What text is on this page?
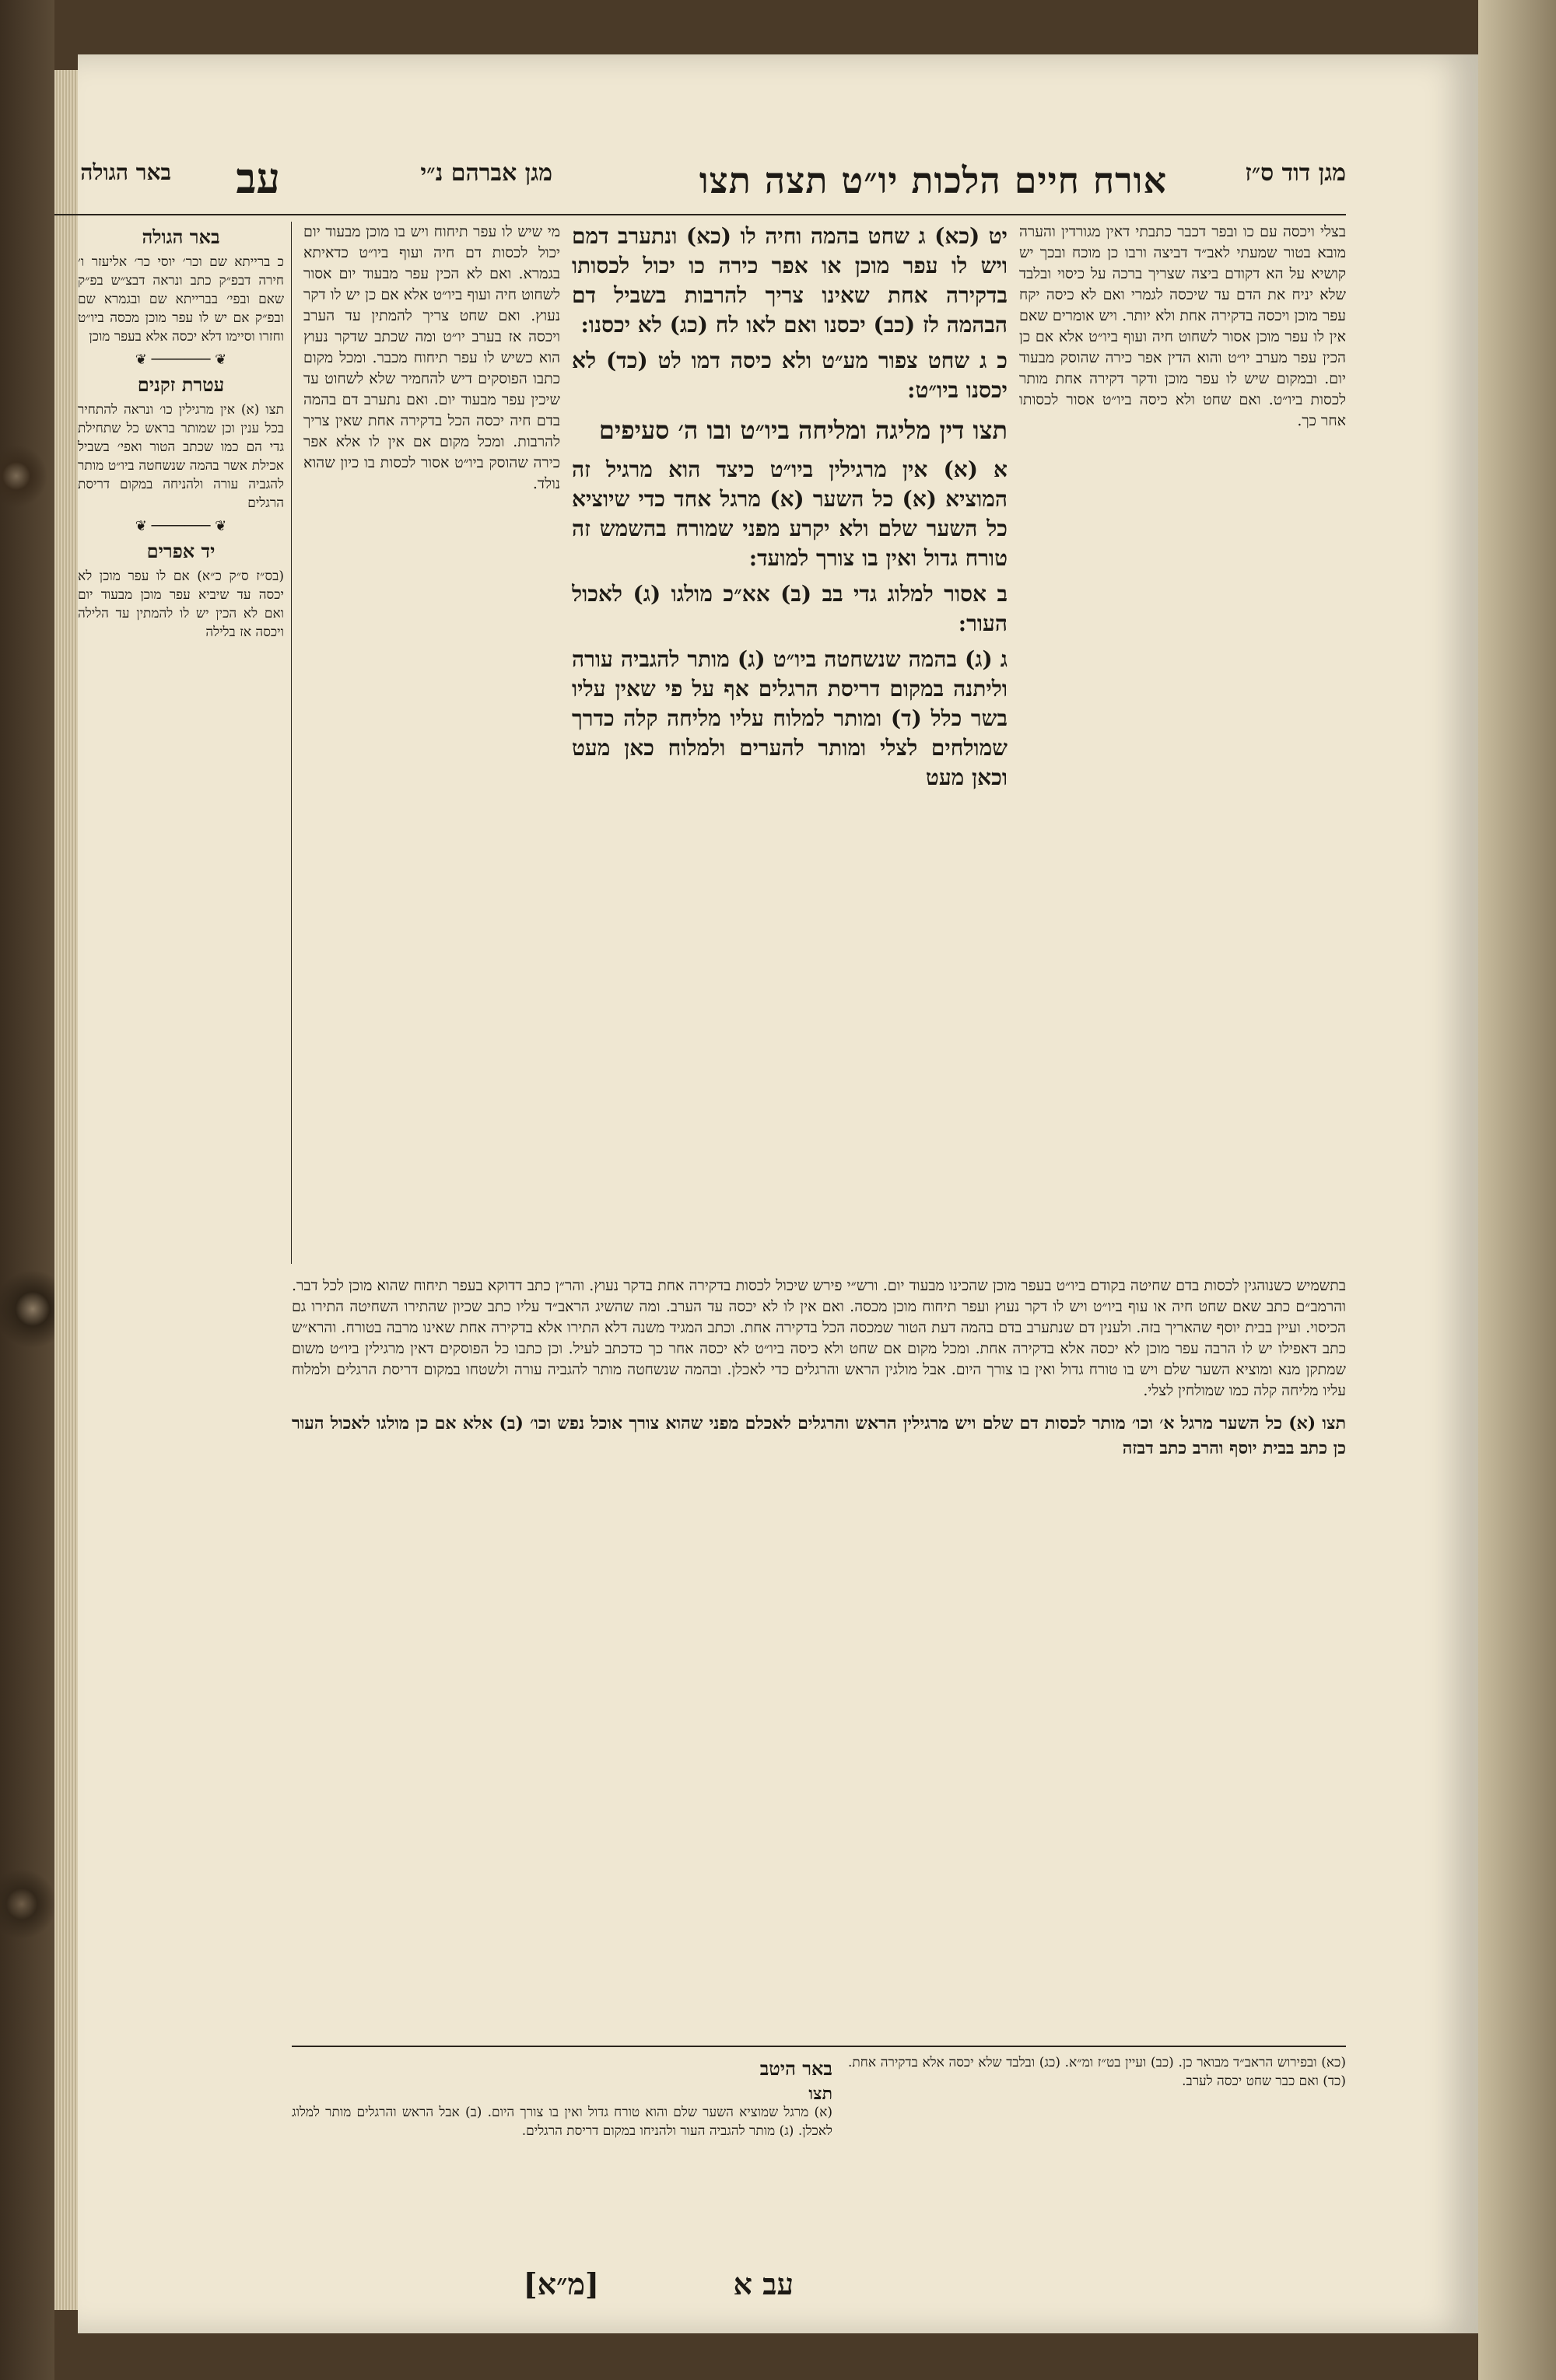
מגן דוד ס״ז
אורח חיים הלכות יו״ט תצה תצו
מגן אברהם נ״י
עב
באר הגולה
בצלי ויכסה עם כו ובפר דכבר כתבתי דאין מגורדין והערה מובא בטור שמעתי לאב״ד דביצה ורבו כן מוכח ובכך יש קושיא על הא דקודם ביצה שצריך ברכה על כיסוי ובלבד שלא יניח את הדם עד שיכסה לגמרי ואם לא כיסה יקח עפר מוכן ויכסה בדקירה אחת ולא יותר. ויש אומרים שאם אין לו עפר מוכן אסור לשחוט חיה ועוף ביו״ט אלא אם כן הכין עפר מערב יו״ט והוא הדין אפר כירה שהוסק מבעוד יום. ובמקום שיש לו עפר מוכן ודקר דקירה אחת מותר לכסות ביו״ט. ואם שחט ולא כיסה ביו״ט אסור לכסותו אחר כך.
יט (כא) ג שחט בהמה וחיה לו (כא) ונתערב דמם ויש לו עפר מוכן או אפר כירה כו יכול לכסותו בדקירה אחת שאינו צריך להרבות בשביל דם הבהמה לז (כב) יכסנו ואם לאו לח (כג) לא יכסנו:
כ ג שחט צפור מע״ט ולא כיסה דמו לט (כד) לא יכסנו ביו״ט:
תצו דין מליגה ומליחה ביו״ט ובו ה׳ סעיפים
א (א) אין מרגילין ביו״ט כיצד הוא מרגיל זה המוציא (א) כל השער (א) מרגל אחד כדי שיוציא כל השער שלם ולא יקרע מפני שמורח בהשמש זה טורח גדול ואין בו צורך למועד:
ב אסור למלוג גדי בב (ב) אא״כ מולגו (ג) לאכול העור:
ג (ג) בהמה שנשחטה ביו״ט (ג) מותר להגביה עורה וליתנה במקום דריסת הרגלים אף על פי שאין עליו בשר כלל (ד) ומותר למלוח עליו מליחה קלה כדרך שמולחים לצלי ומותר להערים ולמלוח כאן מעט וכאן מעט
מי שיש לו עפר תיחוח ויש בו מוכן מבעוד יום יכול לכסות דם חיה ועוף ביו״ט כדאיתא בגמרא. ואם לא הכין עפר מבעוד יום אסור לשחוט חיה ועוף ביו״ט אלא אם כן יש לו דקר נעוץ. ואם שחט צריך להמתין עד הערב ויכסה אז בערב יו״ט ומה שכתב שדקר נעוץ הוא כשיש לו עפר תיחוח מכבר. ומכל מקום כתבו הפוסקים דיש להחמיר שלא לשחוט עד שיכין עפר מבעוד יום. ואם נתערב דם בהמה בדם חיה יכסה הכל בדקירה אחת שאין צריך להרבות. ומכל מקום אם אין לו אלא אפר כירה שהוסק ביו״ט אסור לכסות בו כיון שהוא נולד.
באר הגולה
כ ברייתא שם וכר׳ יוסי כר׳ אליעזר ו׳ חירה דבפ״ק כתב ונראה דבצ״ש בפ״ק שאם ובפי׳ בברייתא שם ובגמרא שם ובפ״ק אם יש לו עפר מוכן מכסה ביו״ט וחזרו וסיימו דלא יכסה אלא בעפר מוכן
❦ ─────── ❦
עטרת זקנים
תצו (א) אין מרגילין כו׳ ונראה להתחיר בכל ענין וכן שמותר בראש כל שתחילת גדי הם כמו שכתב הטור ואפי׳ בשביל אכילת אשר בהמה שנשחטה ביו״ט מותר להגביה עורה ולהניחה במקום דריסת הרגלים
❦ ─────── ❦
יד אפרים
(בס״ז ס״ק כ״א) אם לו עפר מוכן לא יכסה עד שיביא עפר מוכן מבעוד יום ואם לא הכין יש לו להמתין עד הלילה ויכסה אז בלילה
בתשמיש כשנוהגין לכסות בדם שחיטה בקודם ביו״ט בעפר מוכן שהכינו מבעוד יום. ורש״י פירש שיכול לכסות בדקירה אחת בדקר נעוץ. והר״ן כתב דדוקא בעפר תיחוח שהוא מוכן לכל דבר. והרמב״ם כתב שאם שחט חיה או עוף ביו״ט ויש לו דקר נעוץ ועפר תיחוח מוכן מכסה. ואם אין לו לא יכסה עד הערב. ומה שהשיג הראב״ד עליו כתב שכיון שהתירו השחיטה התירו גם הכיסוי. ועיין בבית יוסף שהאריך בזה. ולענין דם שנתערב בדם בהמה דעת הטור שמכסה הכל בדקירה אחת. וכתב המגיד משנה דלא התירו אלא בדקירה אחת שאינו מרבה בטורח. והרא״ש כתב דאפילו יש לו הרבה עפר מוכן לא יכסה אלא בדקירה אחת. ומכל מקום אם שחט ולא כיסה ביו״ט לא יכסה אחר כך כדכתב לעיל. וכן כתבו כל הפוסקים דאין מרגילין ביו״ט משום שמתקן מנא ומוציא השער שלם ויש בו טורח גדול ואין בו צורך היום. אבל מולגין הראש והרגלים כדי לאכלן. ובהמה שנשחטה מותר להגביה עורה ולשטחו במקום דריסת הרגלים ולמלוח עליו מליחה קלה כמו שמולחין לצלי.
תצו (א) כל השער מרגל א׳ וכו׳ מותר לכסות דם שלם ויש מרגילין הראש והרגלים לאכלם מפני שהוא צורך אוכל נפש וכו׳ (ב) אלא אם כן מולגו לאכול העור כן כתב בבית יוסף והרב כתב דבזה
(כא) ובפירוש הראב״ד מבואר כן. (כב) ועיין בט״ז ומ״א. (כג) ובלבד שלא יכסה אלא בדקירה אחת. (כד) ואם כבר שחט יכסה לערב.
באר היטב
תצו
(א) מרגל שמוציא השער שלם והוא טורח גדול ואין בו צורך היום. (ב) אבל הראש והרגלים מותר למלוג לאכלן. (ג) מותר להגביה העור ולהניחו במקום דריסת הרגלים.
[מ״א]	עב א
